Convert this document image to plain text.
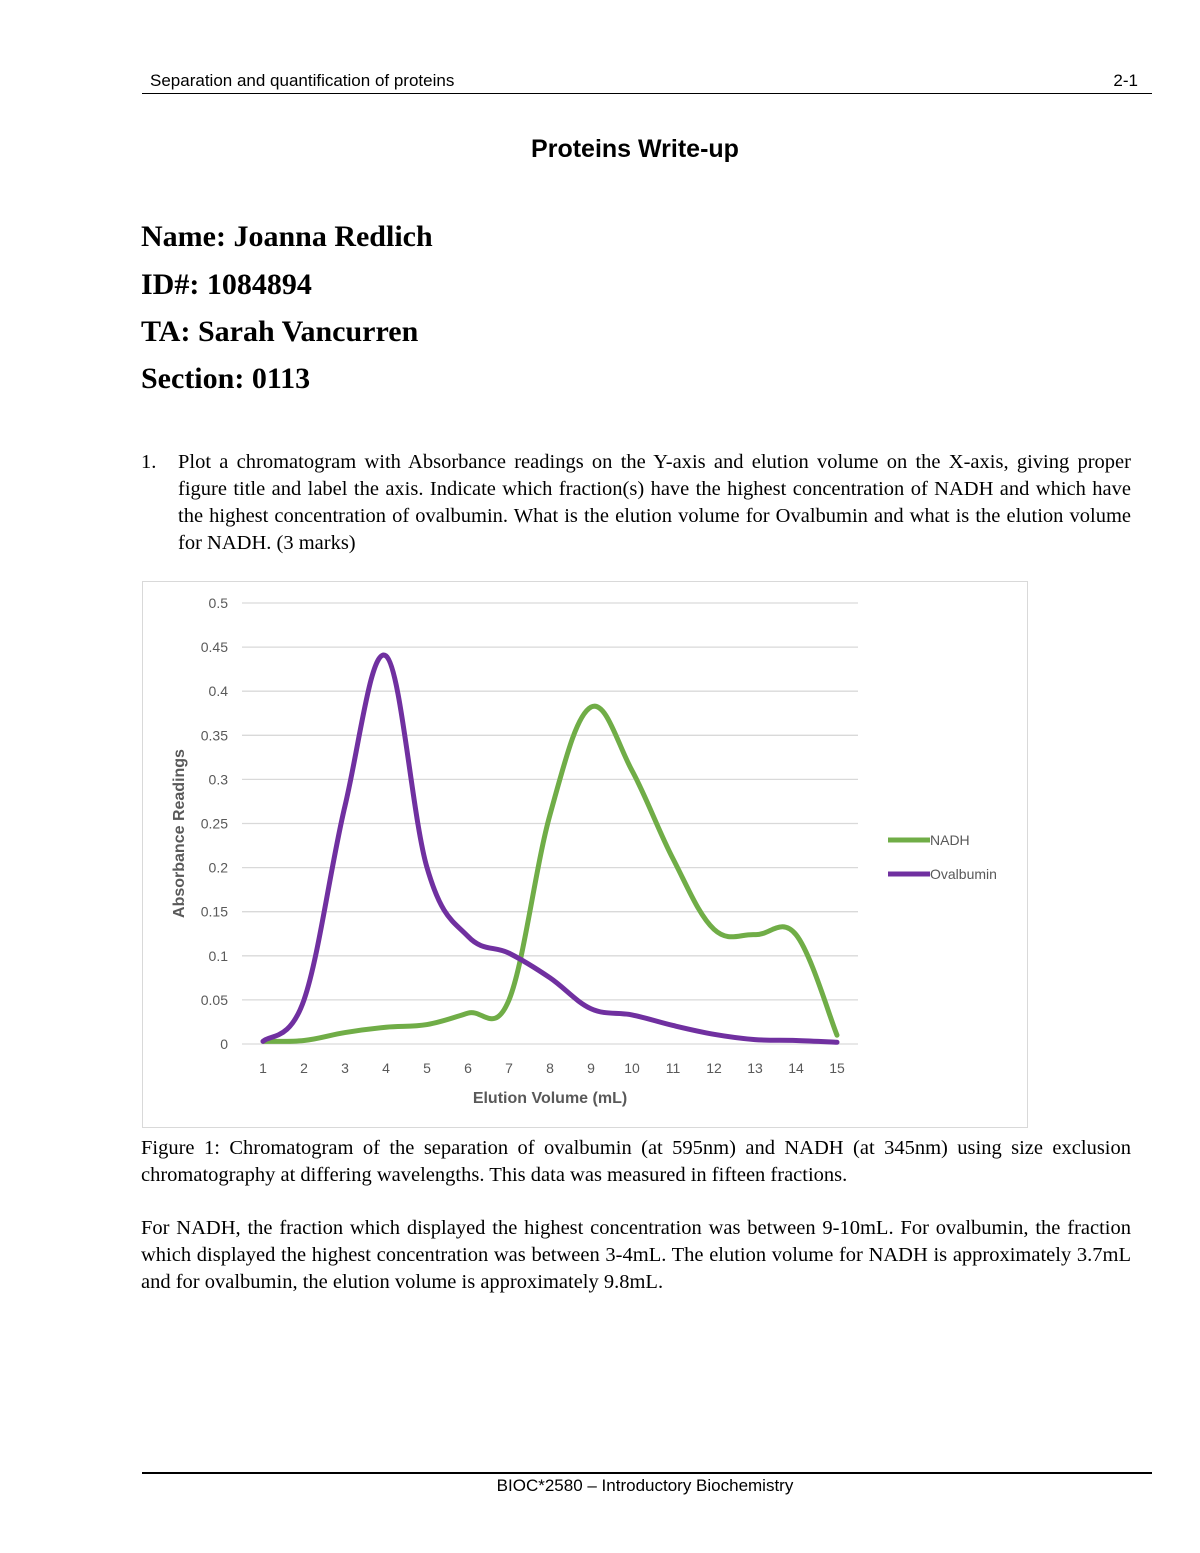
Separation and quantification of proteins	2-1
Proteins Write-up
Name: Joanna Redlich
ID#: 1084894
TA: Sarah Vancurren
Section: 0113
1. Plot a chromatogram with Absorbance readings on the Y-axis and elution volume on the X-axis, giving proper figure title and label the axis. Indicate which fraction(s) have the highest concentration of NADH and which have the highest concentration of ovalbumin. What is the elution volume for Ovalbumin and what is the elution volume for NADH. (3 marks)
0
0.05
0.1
0.15
0.2
0.25
0.3
0.35
0.4
0.45
0.5
1 2 3 4 5 6 7 8 9 10 11 12 13 14 15
Elution Volume (mL)
Absorbance Readings	NADH
Ovalbumin
Figure 1: Chromatogram of the separation of ovalbumin (at 595nm) and NADH (at 345nm) using size exclusion chromatography at differing wavelengths. This data was measured in fifteen fractions.
For NADH, the fraction which displayed the highest concentration was between 9-10mL. For ovalbumin, the fraction which displayed the highest concentration was between 3-4mL. The elution volume for NADH is approximately 3.7mL and for ovalbumin, the elution volume is approximately 9.8mL.
BIOC*2580 – Introductory Biochemistry
